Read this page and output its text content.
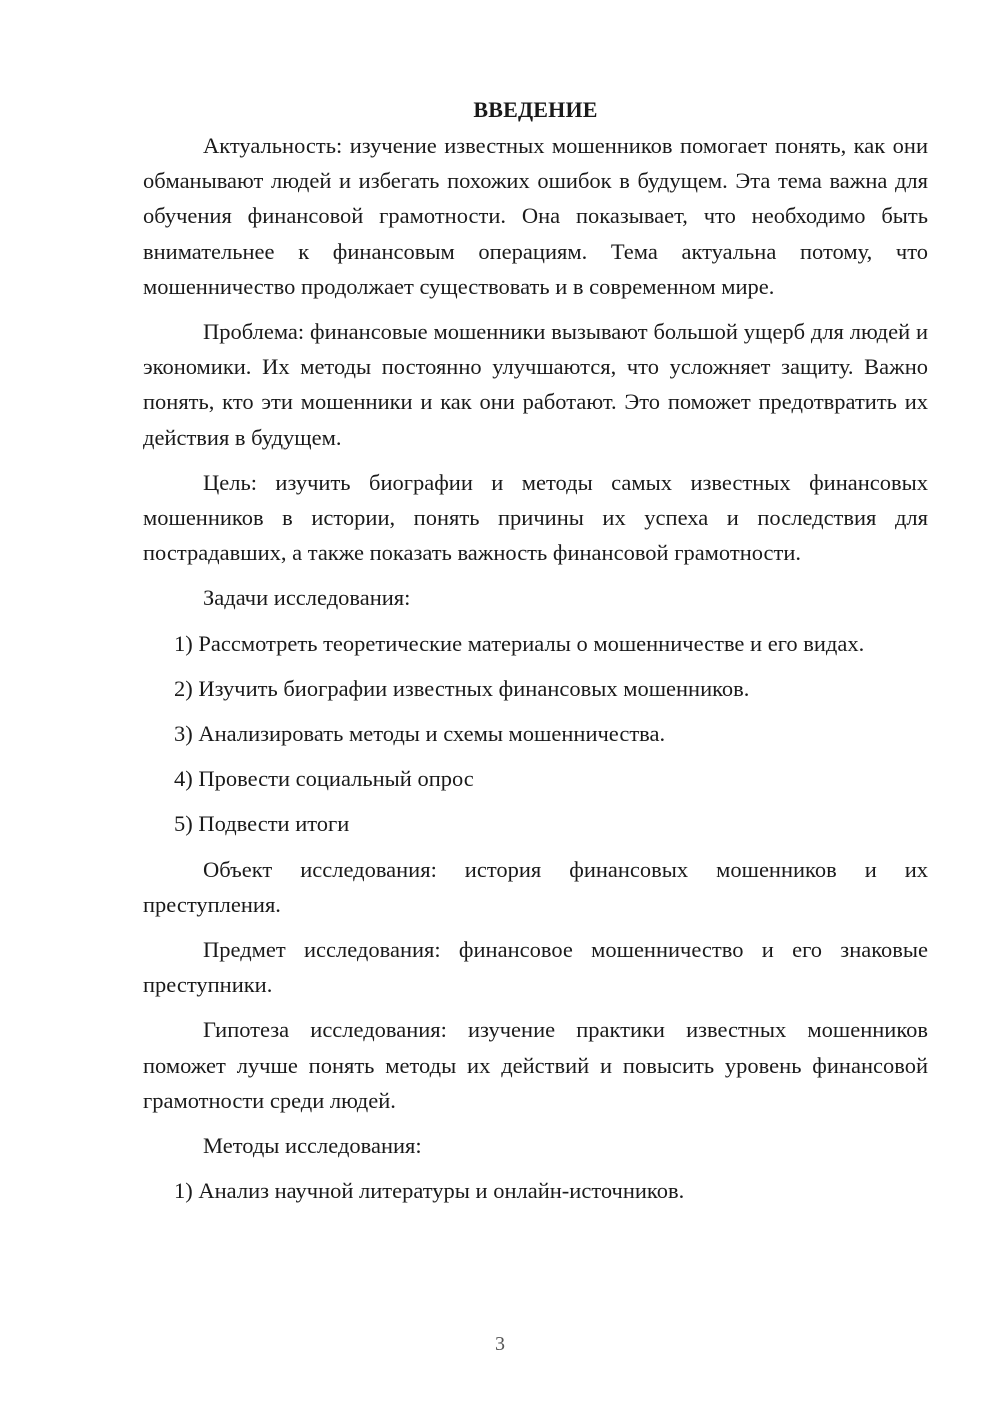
ВВЕДЕНИЕ

Актуальность: изучение известных мошенников помогает понять, как они обманывают людей и избегать похожих ошибок в будущем. Эта тема важна для обучения финансовой грамотности. Она показывает, что необходимо быть внимательнее к финансовым операциям. Тема актуальна потому, что мошенничество продолжает существовать и в современном мире.

Проблема: финансовые мошенники вызывают большой ущерб для людей и экономики. Их методы постоянно улучшаются, что усложняет защиту. Важно понять, кто эти мошенники и как они работают. Это поможет предотвратить их действия в будущем.

Цель: изучить биографии и методы самых известных финансовых мошенников в истории, понять причины их успеха и последствия для пострадавших, а также показать важность финансовой грамотности.

Задачи исследования:

1) Рассмотреть теоретические материалы о мошенничестве и его видах.

2) Изучить биографии известных финансовых мошенников.

3) Анализировать методы и схемы мошенничества.

4) Провести социальный опрос

5) Подвести итоги

Объект исследования: история финансовых мошенников и их преступления.

Предмет исследования: финансовое мошенничество и его знаковые преступники.

Гипотеза исследования: изучение практики известных мошенников поможет лучше понять методы их действий и повысить уровень финансовой грамотности среди людей.

Методы исследования:

1) Анализ научной литературы и онлайн-источников.

3
